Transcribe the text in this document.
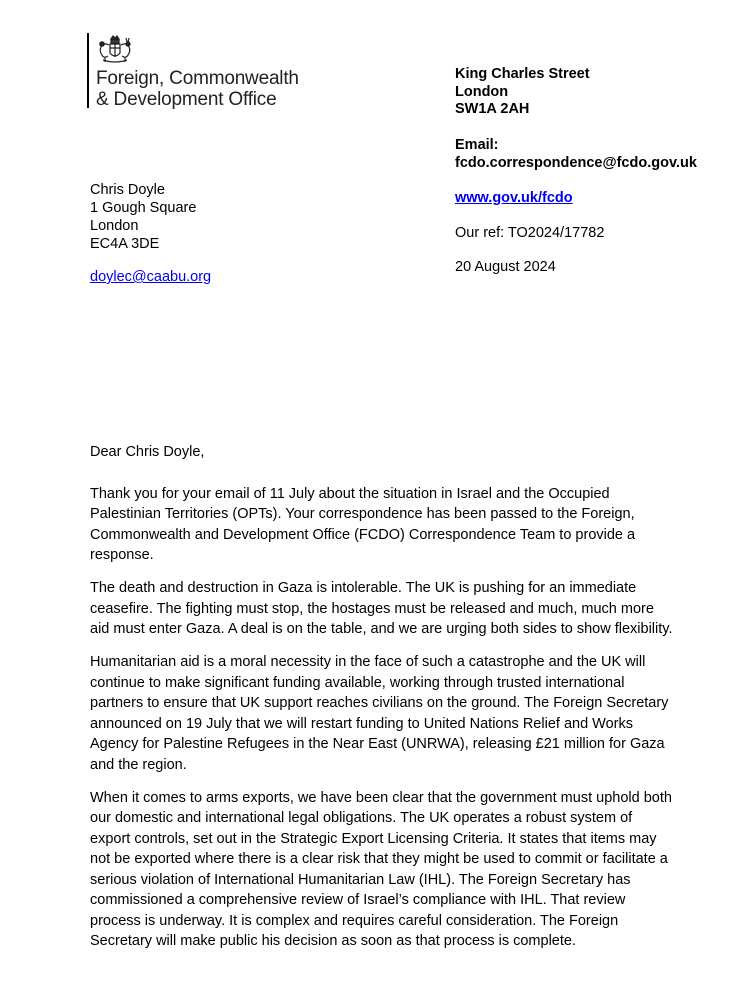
Foreign, Commonwealth
& Development Office
King Charles Street
London
SW1A 2AH
Email:
fcdo.correspondence@fcdo.gov.uk
www.gov.uk/fcdo
Our ref: TO2024/17782
20 August 2024
Chris Doyle
1 Gough Square
London
EC4A 3DE
doylec@caabu.org

Dear Chris Doyle,

Thank you for your email of 11 July about the situation in Israel and the Occupied Palestinian Territories (OPTs). Your correspondence has been passed to the Foreign, Commonwealth and Development Office (FCDO) Correspondence Team to provide a response.

The death and destruction in Gaza is intolerable. The UK is pushing for an immediate ceasefire. The fighting must stop, the hostages must be released and much, much more aid must enter Gaza. A deal is on the table, and we are urging both sides to show flexibility.

Humanitarian aid is a moral necessity in the face of such a catastrophe and the UK will continue to make significant funding available, working through trusted international partners to ensure that UK support reaches civilians on the ground. The Foreign Secretary announced on 19 July that we will restart funding to United Nations Relief and Works Agency for Palestine Refugees in the Near East (UNRWA), releasing £21 million for Gaza and the region.

When it comes to arms exports, we have been clear that the government must uphold both our domestic and international legal obligations. The UK operates a robust system of export controls, set out in the Strategic Export Licensing Criteria. It states that items may not be exported where there is a clear risk that they might be used to commit or facilitate a serious violation of International Humanitarian Law (IHL). The Foreign Secretary has commissioned a comprehensive review of Israel’s compliance with IHL. That review process is underway. It is complex and requires careful consideration. The Foreign Secretary will make public his decision as soon as that process is complete.
